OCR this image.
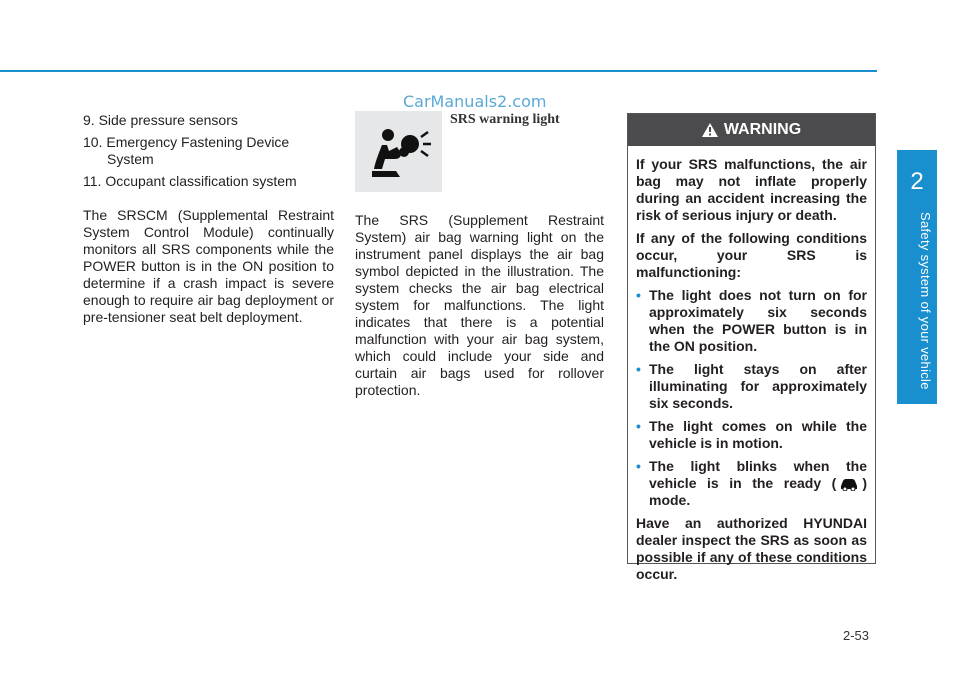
2
Safety system of your vehicle
CarManuals2.com

9. Side pressure sensors

10. Emergency Fastening Device System

11. Occupant classification system

The SRSCM (Supplemental Restraint System Control Module) continually monitors all SRS components while the POWER button is in the ON position to determine if a crash impact is severe enough to require air bag deployment or pre-tensioner seat belt deployment.

SRS warning light

The SRS (Supplement Restraint System) air bag warning light on the instrument panel displays the air bag symbol depicted in the illustration. The system checks the air bag electrical system for malfunctions. The light indicates that there is a potential malfunction with your air bag system, which could include your side and curtain air bags used for rollover protection.

WARNING

If your SRS malfunctions, the air bag may not inflate properly during an accident increasing the risk of serious injury or death.

If any of the following conditions occur, your SRS is malfunctioning:

• The light does not turn on for approximately six seconds when the POWER button is in the ON position.
• The light stays on after illuminating for approximately six seconds.
• The light comes on while the vehicle is in motion.
• The light blinks when the vehicle is in the ready ( ) mode.

Have an authorized HYUNDAI dealer inspect the SRS as soon as possible if any of these conditions occur.

2-53
